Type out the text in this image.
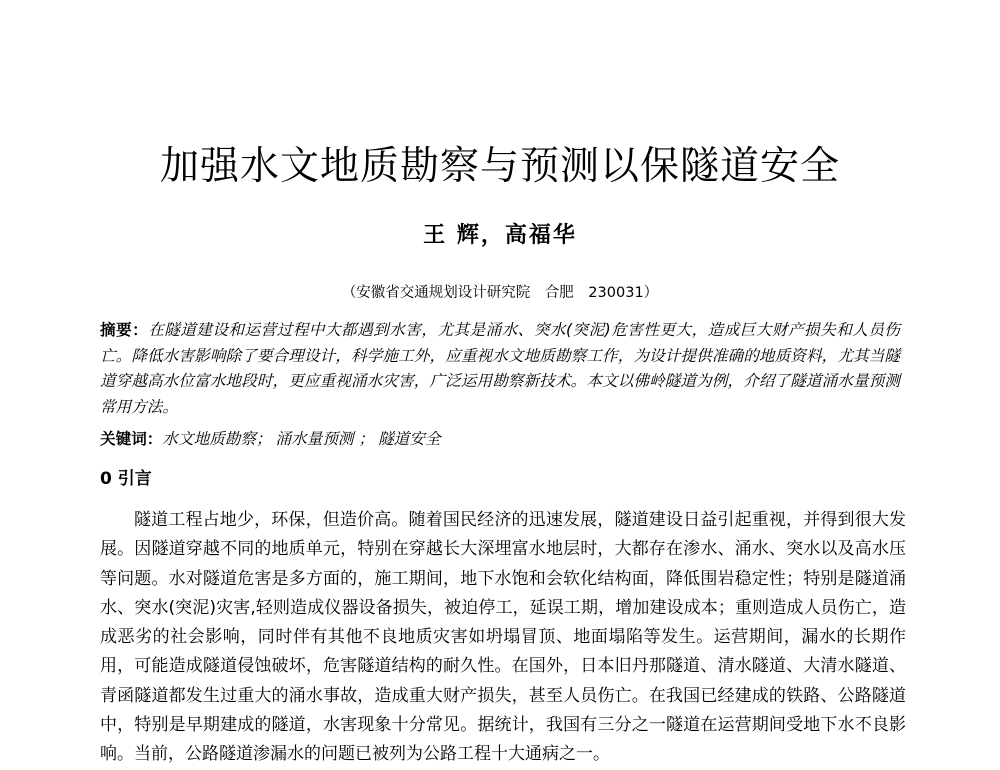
加强水文地质勘察与预测以保隧道安全
王 辉，高福华
（安徽省交通规划设计研究院　合肥　230031）

摘要：在隧道建设和运营过程中大都遇到水害，尤其是涌水、突水(突泥)危害性更大，造成巨大财产损失和人员伤亡。降低水害影响除了要合理设计，科学施工外，应重视水文地质勘察工作，为设计提供准确的地质资料，尤其当隧道穿越高水位富水地段时，更应重视涌水灾害，广泛运用勘察新技术。本文以佛岭隧道为例，介绍了隧道涌水量预测常用方法。

关键词：水文地质勘察； 涌水量预测 ； 隧道安全

0 引言

隧道工程占地少，环保，但造价高。随着国民经济的迅速发展，隧道建设日益引起重视，并得到很大发展。因隧道穿越不同的地质单元，特别在穿越长大深埋富水地层时，大都存在渗水、涌水、突水以及高水压等问题。水对隧道危害是多方面的，施工期间，地下水饱和会软化结构面，降低围岩稳定性；特别是隧道涌水、突水(突泥)灾害,轻则造成仪器设备损失，被迫停工，延误工期，增加建设成本；重则造成人员伤亡，造成恶劣的社会影响，同时伴有其他不良地质灾害如坍塌冒顶、地面塌陷等发生。运营期间，漏水的长期作用，可能造成隧道侵蚀破坏，危害隧道结构的耐久性。在国外，日本旧丹那隧道、清水隧道、大清水隧道、青函隧道都发生过重大的涌水事故，造成重大财产损失，甚至人员伤亡。在我国已经建成的铁路、公路隧道中，特别是早期建成的隧道，水害现象十分常见。据统计，我国有三分之一隧道在运营期间受地下水不良影响。当前，公路隧道渗漏水的问题已被列为公路工程十大通病之一。
